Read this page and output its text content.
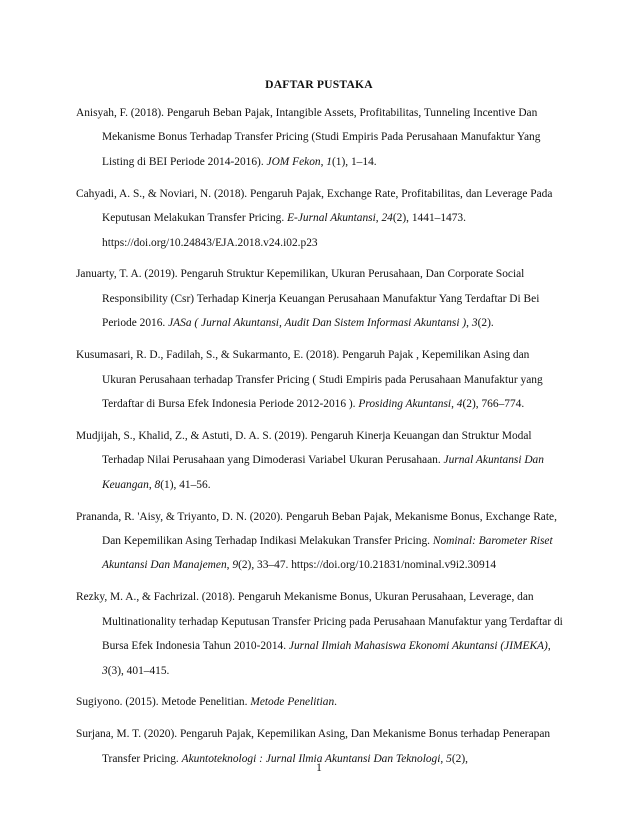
DAFTAR PUSTAKA

Anisyah, F. (2018). Pengaruh Beban Pajak, Intangible Assets, Profitabilitas, Tunneling Incentive Dan Mekanisme Bonus Terhadap Transfer Pricing (Studi Empiris Pada Perusahaan Manufaktur Yang Listing di BEI Periode 2014-2016). JOM Fekon, 1(1), 1–14.

Cahyadi, A. S., & Noviari, N. (2018). Pengaruh Pajak, Exchange Rate, Profitabilitas, dan Leverage Pada Keputusan Melakukan Transfer Pricing. E-Jurnal Akuntansi, 24(2), 1441–1473. https://doi.org/10.24843/EJA.2018.v24.i02.p23

Januarty, T. A. (2019). Pengaruh Struktur Kepemilikan, Ukuran Perusahaan, Dan Corporate Social Responsibility (Csr) Terhadap Kinerja Keuangan Perusahaan Manufaktur Yang Terdaftar Di Bei Periode 2016. JASa ( Jurnal Akuntansi, Audit Dan Sistem Informasi Akuntansi ), 3(2).

Kusumasari, R. D., Fadilah, S., & Sukarmanto, E. (2018). Pengaruh Pajak , Kepemilikan Asing dan Ukuran Perusahaan terhadap Transfer Pricing ( Studi Empiris pada Perusahaan Manufaktur yang Terdaftar di Bursa Efek Indonesia Periode 2012-2016 ). Prosiding Akuntansi, 4(2), 766–774.

Mudjijah, S., Khalid, Z., & Astuti, D. A. S. (2019). Pengaruh Kinerja Keuangan dan Struktur Modal Terhadap Nilai Perusahaan yang Dimoderasi Variabel Ukuran Perusahaan. Jurnal Akuntansi Dan Keuangan, 8(1), 41–56.

Prananda, R. 'Aisy, & Triyanto, D. N. (2020). Pengaruh Beban Pajak, Mekanisme Bonus, Exchange Rate, Dan Kepemilikan Asing Terhadap Indikasi Melakukan Transfer Pricing. Nominal: Barometer Riset Akuntansi Dan Manajemen, 9(2), 33–47. https://doi.org/10.21831/nominal.v9i2.30914

Rezky, M. A., & Fachrizal. (2018). Pengaruh Mekanisme Bonus, Ukuran Perusahaan, Leverage, dan Multinationality terhadap Keputusan Transfer Pricing pada Perusahaan Manufaktur yang Terdaftar di Bursa Efek Indonesia Tahun 2010-2014. Jurnal Ilmiah Mahasiswa Ekonomi Akuntansi (JIMEKA), 3(3), 401–415.

Sugiyono. (2015). Metode Penelitian. Metode Penelitian.

Surjana, M. T. (2020). Pengaruh Pajak, Kepemilikan Asing, Dan Mekanisme Bonus terhadap Penerapan Transfer Pricing. Akuntoteknologi : Jurnal Ilmia Akuntansi Dan Teknologi, 5(2),

1
